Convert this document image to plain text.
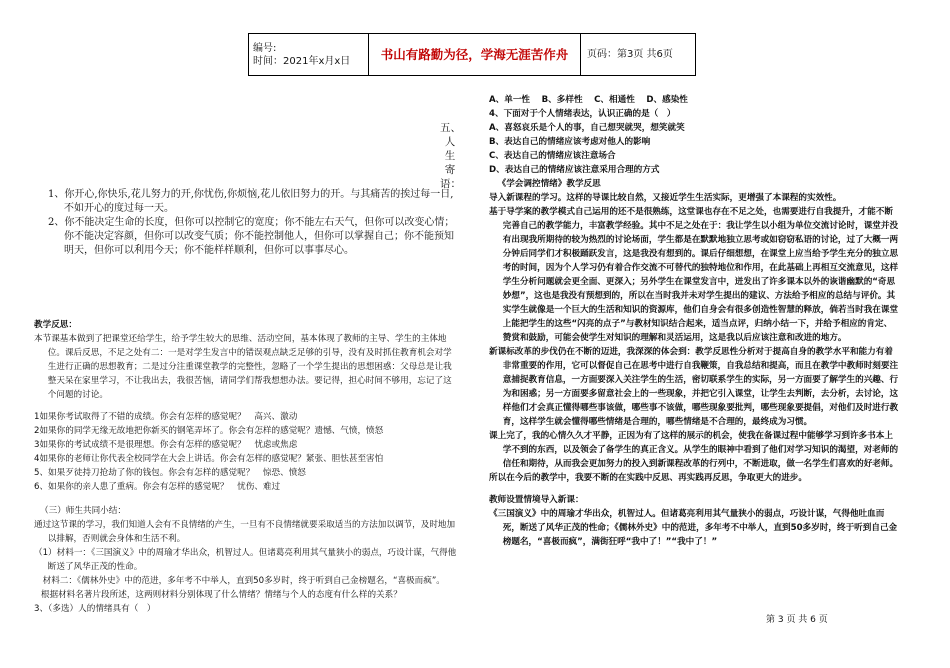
编号:
时间：2021年x月x日	书山有路勤为径，学海无涯苦作舟	页码：第3页 共6页
五、
人
生
寄
语：

1、你开心,你快乐,花儿努力的开,你忧伤,你烦恼,花儿依旧努力的开。与其痛苦的挨过每一日,不如开心的度过每一天。

2、你不能决定生命的长度，但你可以控制它的宽度；你不能左右天气，但你可以改变心情；你不能决定容颜，但你可以改变气质；你不能控制他人，但你可以掌握自己；你不能预知明天，但你可以利用今天；你不能样样顺利，但你可以事事尽心。

教学反思：

本节课基本做到了把课堂还给学生，给予学生较大的思维、活动空间，基本体现了教师的主导、学生的主体地位。课后反思，不足之处有二：一是对学生发言中的错误观点缺乏足够的引导，没有及时抓住教育机会对学生进行正确的思想教育；二是过分注重课堂教学的完整性，忽略了一个学生提出的思想困惑：父母总是让我整天呆在家里学习，不让我出去，我很苦恼，请同学们帮我想想办法。要记得，担心时间不够用，忘记了这个问题的讨论。

1如果你考试取得了不错的成绩。你会有怎样的感觉呢？　高兴、激动

2如果你的同学无缘无故地把你新买的钢笔弄坏了。你会有怎样的感觉呢？遗憾、气愤，愤怒

3如果你的考试成绩不是很理想。你会有怎样的感觉呢？　忧虑或焦虑

4如果你的老师让你代表全校同学在大会上讲话。你会有怎样的感觉呢？紧张、胆怯甚至害怕

5、如果歹徒持刀抢劫了你的钱包。你会有怎样的感觉呢？　惊恐、愤怒

6、如果你的亲人患了重病。你会有怎样的感觉呢？　忧伤、难过

（三）师生共同小结：

通过这节课的学习，我们知道人会有不良情绪的产生，一旦有不良情绪就要采取适当的方法加以调节，及时地加以排解，否则就会身体和生活不利。

（1）材料一：《三国演义》中的周瑜才华出众，机智过人。但诸葛亮利用其气量狭小的弱点，巧设计谋，气得他断送了风华正茂的性命。

材料二：《儒林外史》中的范进，多年考不中举人，直到50多岁时，终于听到自己金榜题名，“喜极而疯”。

根据材料名著片段所述，这两则材料分别体现了什么情绪？情绪与个人的态度有什么样的关系？

3、（多选）人的情绪具有（　）

A、单一性　 B、多样性　 C、相通性　 D、感染性

4、下面对于个人情绪表达，认识正确的是（　）

A、喜怒哀乐是个人的事，自己想哭就哭，想笑就笑

B、表达自己的情绪应该考虑对他人的影响

C、表达自己的情绪应该注意场合

D、表达自己的情绪应该注意采用合理的方式

《学会调控情绪》教学反思

导入新课程的学习。这样的导课比较自然，又接近学生生活实际，更增强了本课程的实效性。

基于导学案的教学模式自己运用的还不是很熟练，这堂课也存在不足之处，也需要进行自我提升，才能不断完善自己的教学能力，丰富教学经验。其中不足之处在于：我让学生以小组为单位交流讨论时，课堂并没有出现我所期待的较为热烈的讨论场面，学生都是在默默地独立思考或如窃窃私语的讨论，过了大概一两分钟后同学们才积极踊跃发言，这是我没有想到的。课后仔细想想，在课堂上应当给予学生充分的独立思考的时间，因为个人学习仍有着合作交流不可替代的独特地位和作用，在此基础上再相互交流意见，这样学生分析问题就会更全面、更深入；另外学生在课堂发言中，迸发出了许多课本以外的诙谐幽默的“奇思妙想”，这也是我没有预想到的，所以在当时我并未对学生提出的建议、方法给予相应的总结与评价。其实学生就像是一个巨大的生活和知识的资源库，他们自身会有很多创造性智慧的释放，倘若当时我在课堂上能把学生的这些“闪亮的点子”与教材知识结合起来，适当点评，归纳小结一下，并给予相应的肯定、赞赏和鼓励，可能会使学生对知识的理解和灵活运用，这是我以后应该注意和改进的地方。

新课标改革的步伐仍在不断的迈进，我深深的体会到：教学反思性分析对于提高自身的教学水平和能力有着非常重要的作用，它可以督促自己在思考中进行自我鞭策，自我总结和提高，而且在教学中教师时刻要注意捕捉教育信息，一方面要深入关注学生的生活，密切联系学生的实际，另一方面要了解学生的兴趣、行为和困惑；另一方面要多留意社会上的一些现象，并把它引入课堂，让学生去判断，去分析，去讨论，这样他们才会真正懂得哪些事该做，哪些事不该做，哪些现象要批判，哪些现象要提倡，对他们及时进行教育，这样学生就会懂得哪些情绪是合理的，哪些情绪是不合理的，最终成为习惯。

课上完了，我的心情久久才平静，正因为有了这样的展示的机会，使我在备课过程中能够学习到许多书本上学不到的东西，以及领会了备学生的真正含义。从学生的眼神中看到了他们对学习知识的渴望，对老师的信任和期待，从而我会更加努力的投入到新课程改革的行列中，不断进取，做一名学生们喜欢的好老师。

所以在今后的教学中，我要不断的在实践中反思、再实践再反思，争取更大的进步。

教师设置情境导入新课：

《三国演义》中的周瑜才华出众，机智过人。但诸葛亮利用其气量狭小的弱点，巧设计谋，气得他吐血而死，断送了风华正茂的性命；《儒林外史》中的范进，多年考不中举人，直到50多岁时，终于听到自己金榜题名，“喜极而疯”，满街狂呼“我中了！”“我中了！”

第 3 页 共 6 页
